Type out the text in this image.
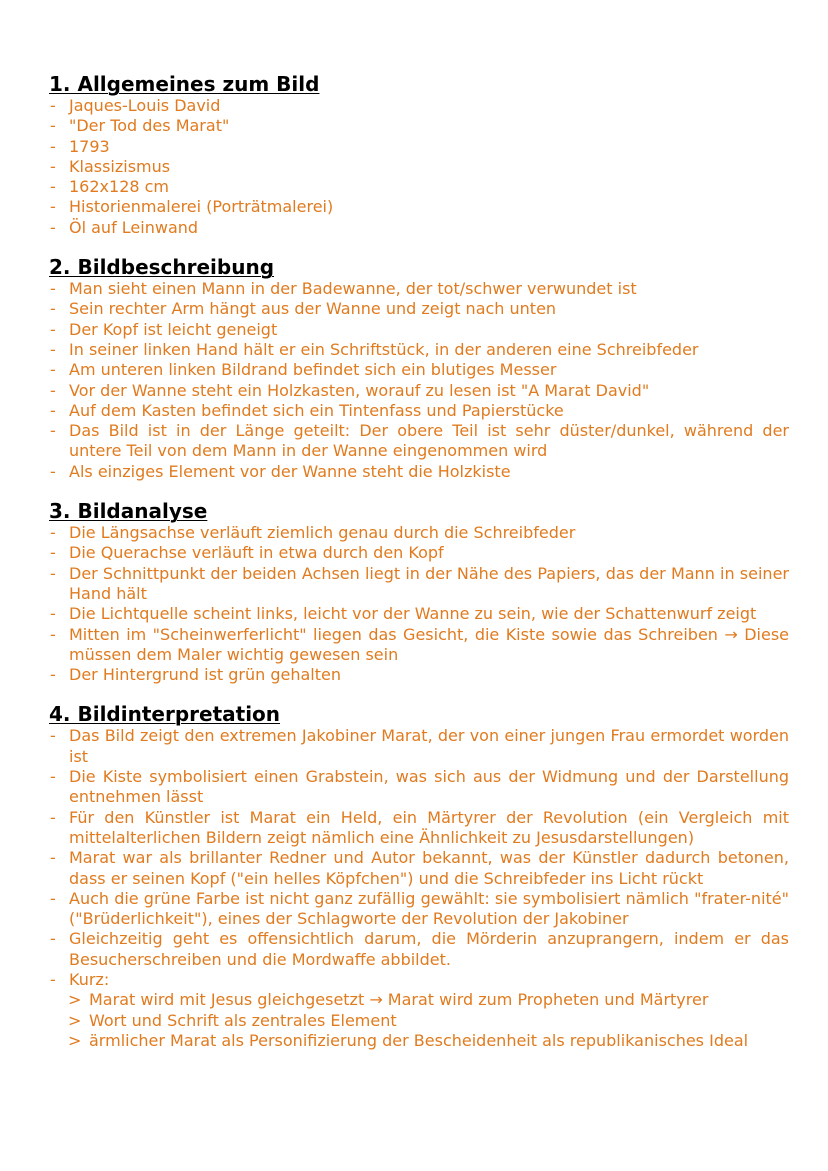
1. Allgemeines zum Bild
- Jaques-Louis David
- "Der Tod des Marat"
- 1793
- Klassizismus
- 162x128 cm
- Historienmalerei (Porträtmalerei)
- Öl auf Leinwand
2. Bildbeschreibung
- Man sieht einen Mann in der Badewanne, der tot/schwer verwundet ist
- Sein rechter Arm hängt aus der Wanne und zeigt nach unten
- Der Kopf ist leicht geneigt
- In seiner linken Hand hält er ein Schriftstück, in der anderen eine Schreibfeder
- Am unteren linken Bildrand befindet sich ein blutiges Messer
- Vor der Wanne steht ein Holzkasten, worauf zu lesen ist "A Marat David"
- Auf dem Kasten befindet sich ein Tintenfass und Papierstücke
- Das Bild ist in der Länge geteilt: Der obere Teil ist sehr düster/dunkel, während der untere Teil von dem Mann in der Wanne eingenommen wird
- Als einziges Element vor der Wanne steht die Holzkiste
3. Bildanalyse
- Die Längsachse verläuft ziemlich genau durch die Schreibfeder
- Die Querachse verläuft in etwa durch den Kopf
- Der Schnittpunkt der beiden Achsen liegt in der Nähe des Papiers, das der Mann in seiner Hand hält
- Die Lichtquelle scheint links, leicht vor der Wanne zu sein, wie der Schattenwurf zeigt
- Mitten im "Scheinwerferlicht" liegen das Gesicht, die Kiste sowie das Schreiben → Diese müssen dem Maler wichtig gewesen sein
- Der Hintergrund ist grün gehalten
4. Bildinterpretation
- Das Bild zeigt den extremen Jakobiner Marat, der von einer jungen Frau ermordet worden ist
- Die Kiste symbolisiert einen Grabstein, was sich aus der Widmung und der Darstellung entnehmen lässt
- Für den Künstler ist Marat ein Held, ein Märtyrer der Revolution (ein Vergleich mit mittelalterlichen Bildern zeigt nämlich eine Ähnlichkeit zu Jesusdarstellungen)
- Marat war als brillanter Redner und Autor bekannt, was der Künstler dadurch betonen, dass er seinen Kopf ("ein helles Köpfchen") und die Schreibfeder ins Licht rückt
- Auch die grüne Farbe ist nicht ganz zufällig gewählt: sie symbolisiert nämlich "frater-nité" ("Brüderlichkeit"), eines der Schlagworte der Revolution der Jakobiner
- Gleichzeitig geht es offensichtlich darum, die Mörderin anzuprangern, indem er das Besucherschreiben und die Mordwaffe abbildet.
- Kurz:
> Marat wird mit Jesus gleichgesetzt → Marat wird zum Propheten und Märtyrer
> Wort und Schrift als zentrales Element
> ärmlicher Marat als Personifizierung der Bescheidenheit als republikanisches Ideal
